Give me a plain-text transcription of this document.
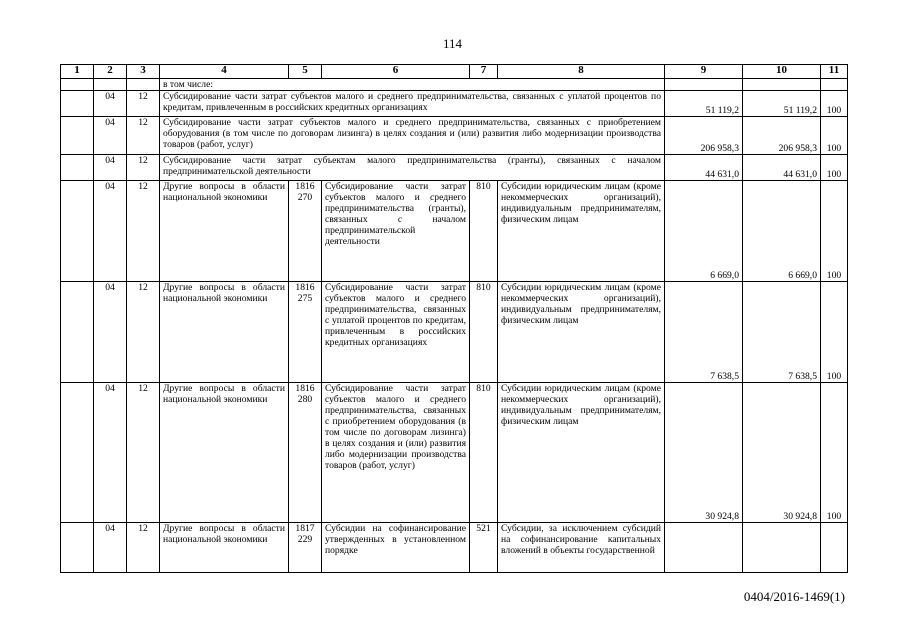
114
1	2	3	4	5	6	7	8	9	10	11
			в том числе:							
	04	12	Субсидирование части затрат субъектов малого и среднего предпринимательства, связанных с уплатой процентов по кредитам, привлеченным в российских кредитных организациях					51 119,2	51 119,2	100
	04	12	Субсидирование части затрат субъектов малого и среднего предпринимательства, связанных с приобретением оборудования (в том числе по договорам лизинга) в целях создания и (или) развития либо модернизации производства товаров (работ, услуг)					206 958,3	206 958,3	100
	04	12	Субсидирование части затрат субъектам малого предпринимательства (гранты), связанных с началом предпринимательской деятельности					44 631,0	44 631,0	100
	04	12	Другие вопросы в области национальной экономики	1816 270	Субсидирование части затрат субъектов малого и среднего предпринимательства (гранты), связанных с началом предпринимательской деятельности	810	Субсидии юридическим лицам (кроме некоммерческих организаций), индивидуальным предпринимателям, физическим лицам	6 669,0	6 669,0	100
	04	12	Другие вопросы в области национальной экономики	1816 275	Субсидирование части затрат субъектов малого и среднего предпринимательства, связанных с уплатой процентов по кредитам, привлеченным в российских кредитных организациях	810	Субсидии юридическим лицам (кроме некоммерческих организаций), индивидуальным предпринимателям, физическим лицам	7 638,5	7 638,5	100
	04	12	Другие вопросы в области национальной экономики	1816 280	Субсидирование части затрат субъектов малого и среднего предпринимательства, связанных с приобретением оборудования (в том числе по договорам лизинга) в целях создания и (или) развития либо модернизации производства товаров (работ, услуг)	810	Субсидии юридическим лицам (кроме некоммерческих организаций), индивидуальным предпринимателям, физическим лицам	30 924,8	30 924,8	100
	04	12	Другие вопросы в области национальной экономики	1817 229	Субсидии на софинансирование утвержденных в установленном порядке	521	Субсидии, за исключением субсидий на софинансирование капитальных вложений в объекты государственной			
0404/2016-1469(1)
